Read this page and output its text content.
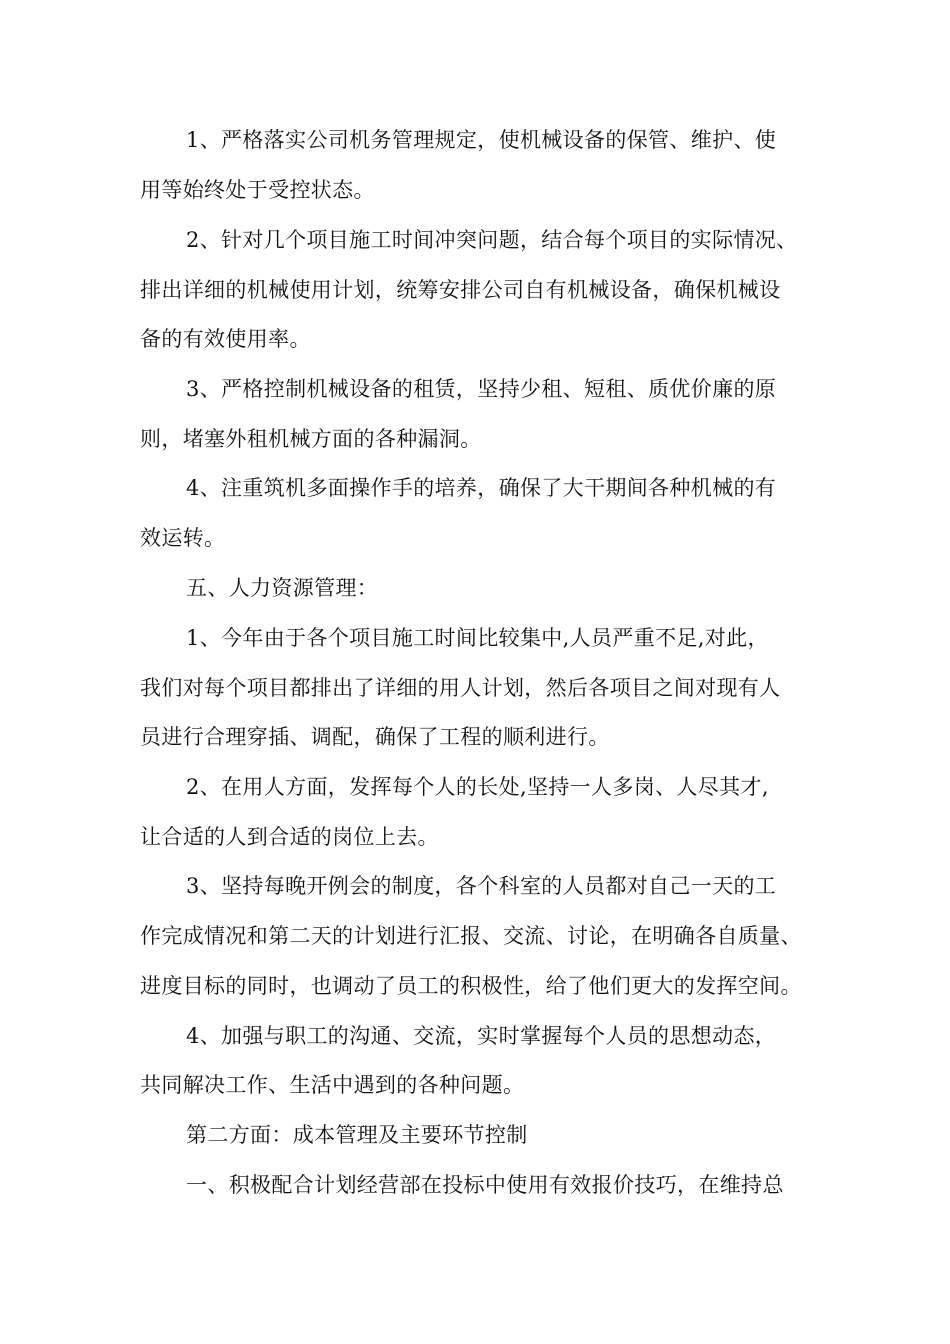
1、严格落实公司机务管理规定，使机械设备的保管、维护、使

用等始终处于受控状态。

2、针对几个项目施工时间冲突问题，结合每个项目的实际情况、

排出详细的机械使用计划，统筹安排公司自有机械设备，确保机械设

备的有效使用率。

3、严格控制机械设备的租赁，坚持少租、短租、质优价廉的原

则，堵塞外租机械方面的各种漏洞。

4、注重筑机多面操作手的培养，确保了大干期间各种机械的有

效运转。

五、人力资源管理：

1、今年由于各个项目施工时间比较集中,人员严重不足,对此，

我们对每个项目都排出了详细的用人计划，然后各项目之间对现有人

员进行合理穿插、调配，确保了工程的顺利进行。

2、在用人方面，发挥每个人的长处,坚持一人多岗、人尽其才,

让合适的人到合适的岗位上去。

3、坚持每晚开例会的制度，各个科室的人员都对自己一天的工

作完成情况和第二天的计划进行汇报、交流、讨论，在明确各自质量、

进度目标的同时，也调动了员工的积极性，给了他们更大的发挥空间。

4、加强与职工的沟通、交流，实时掌握每个人员的思想动态，

共同解决工作、生活中遇到的各种问题。

第二方面：成本管理及主要环节控制

一、积极配合计划经营部在投标中使用有效报价技巧，在维持总
